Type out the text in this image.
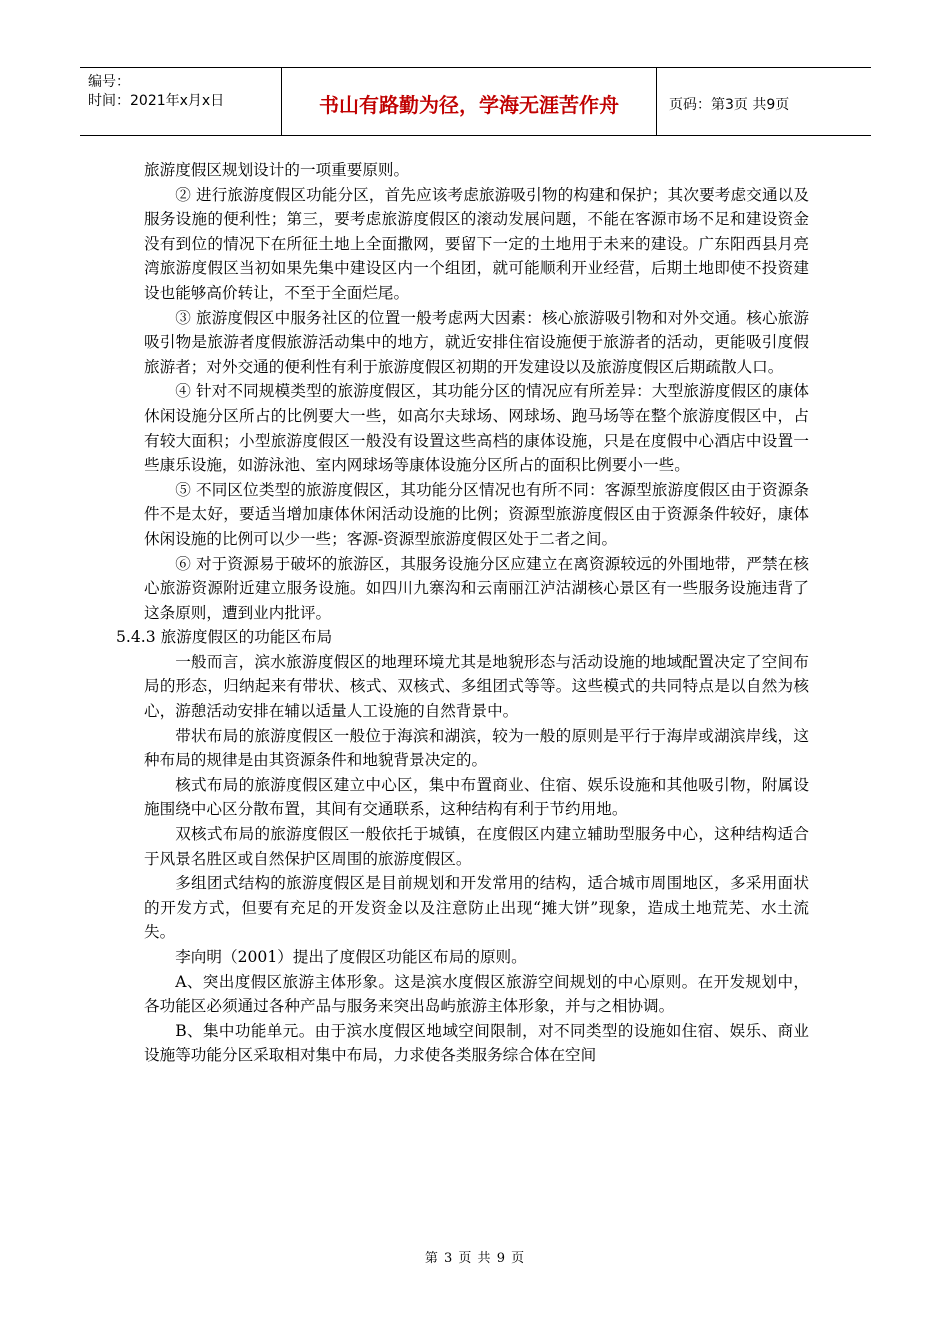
编号：
时间：2021年x月x日	书山有路勤为径，学海无涯苦作舟	页码：第3页 共9页

旅游度假区规划设计的一项重要原则。

② 进行旅游度假区功能分区，首先应该考虑旅游吸引物的构建和保护；其次要考虑交通以及服务设施的便利性；第三，要考虑旅游度假区的滚动发展问题，不能在客源市场不足和建设资金没有到位的情况下在所征土地上全面撒网，要留下一定的土地用于未来的建设。广东阳西县月亮湾旅游度假区当初如果先集中建设区内一个组团，就可能顺利开业经营，后期土地即使不投资建设也能够高价转让，不至于全面烂尾。

③ 旅游度假区中服务社区的位置一般考虑两大因素：核心旅游吸引物和对外交通。核心旅游吸引物是旅游者度假旅游活动集中的地方，就近安排住宿设施便于旅游者的活动，更能吸引度假旅游者；对外交通的便利性有利于旅游度假区初期的开发建设以及旅游度假区后期疏散人口。

④ 针对不同规模类型的旅游度假区，其功能分区的情况应有所差异：大型旅游度假区的康体休闲设施分区所占的比例要大一些，如高尔夫球场、网球场、跑马场等在整个旅游度假区中，占有较大面积；小型旅游度假区一般没有设置这些高档的康体设施，只是在度假中心酒店中设置一些康乐设施，如游泳池、室内网球场等康体设施分区所占的面积比例要小一些。

⑤ 不同区位类型的旅游度假区，其功能分区情况也有所不同：客源型旅游度假区由于资源条件不是太好，要适当增加康体休闲活动设施的比例；资源型旅游度假区由于资源条件较好，康体休闲设施的比例可以少一些；客源-资源型旅游度假区处于二者之间。

⑥ 对于资源易于破坏的旅游区，其服务设施分区应建立在离资源较远的外围地带，严禁在核心旅游资源附近建立服务设施。如四川九寨沟和云南丽江泸沽湖核心景区有一些服务设施违背了这条原则，遭到业内批评。

5.4.3 旅游度假区的功能区布局

一般而言，滨水旅游度假区的地理环境尤其是地貌形态与活动设施的地域配置决定了空间布局的形态，归纳起来有带状、核式、双核式、多组团式等等。这些模式的共同特点是以自然为核心，游憩活动安排在辅以适量人工设施的自然背景中。

带状布局的旅游度假区一般位于海滨和湖滨，较为一般的原则是平行于海岸或湖滨岸线，这种布局的规律是由其资源条件和地貌背景决定的。

核式布局的旅游度假区建立中心区，集中布置商业、住宿、娱乐设施和其他吸引物，附属设施围绕中心区分散布置，其间有交通联系，这种结构有利于节约用地。

双核式布局的旅游度假区一般依托于城镇，在度假区内建立辅助型服务中心，这种结构适合于风景名胜区或自然保护区周围的旅游度假区。

多组团式结构的旅游度假区是目前规划和开发常用的结构，适合城市周围地区，多采用面状的开发方式，但要有充足的开发资金以及注意防止出现“摊大饼”现象，造成土地荒芜、水土流失。

李向明（2001）提出了度假区功能区布局的原则。

A、突出度假区旅游主体形象。这是滨水度假区旅游空间规划的中心原则。在开发规划中，各功能区必须通过各种产品与服务来突出岛屿旅游主体形象，并与之相协调。

B、集中功能单元。由于滨水度假区地域空间限制，对不同类型的设施如住宿、娱乐、商业设施等功能分区采取相对集中布局，力求使各类服务综合体在空间

第 3 页 共 9 页
